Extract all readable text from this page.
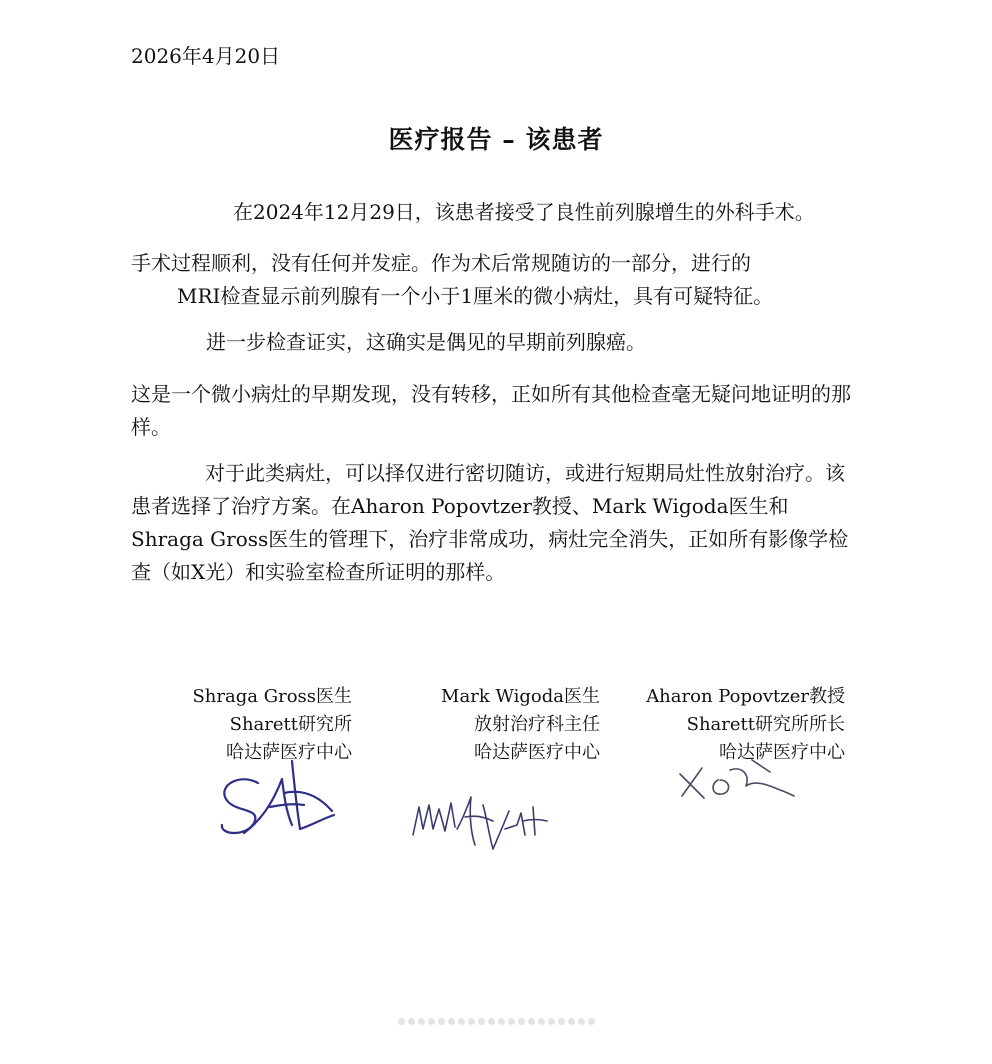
2026年4月20日
医疗报告 – 该患者

在2024年12月29日，该患者接受了良性前列腺增生的外科手术。

手术过程顺利，没有任何并发症。作为术后常规随访的一部分，进行的
MRI检查显示前列腺有一个小于1厘米的微小病灶，具有可疑特征。

进一步检查证实，这确实是偶见的早期前列腺癌。

这是一个微小病灶的早期发现，没有转移，正如所有其他检查毫无疑问地证明的那样。

对于此类病灶，可以择仅进行密切随访，或进行短期局灶性放射治疗。该患者选择了治疗方案。在Aharon Popovtzer教授、Mark Wigoda医生和Shraga Gross医生的管理下，治疗非常成功，病灶完全消失，正如所有影像学检查（如X光）和实验室检查所证明的那样。

Shraga Gross医生
Sharett研究所
哈达萨医疗中心
Mark Wigoda医生
放射治疗科主任
哈达萨医疗中心
Aharon Popovtzer教授
Sharett研究所所长
哈达萨医疗中心
